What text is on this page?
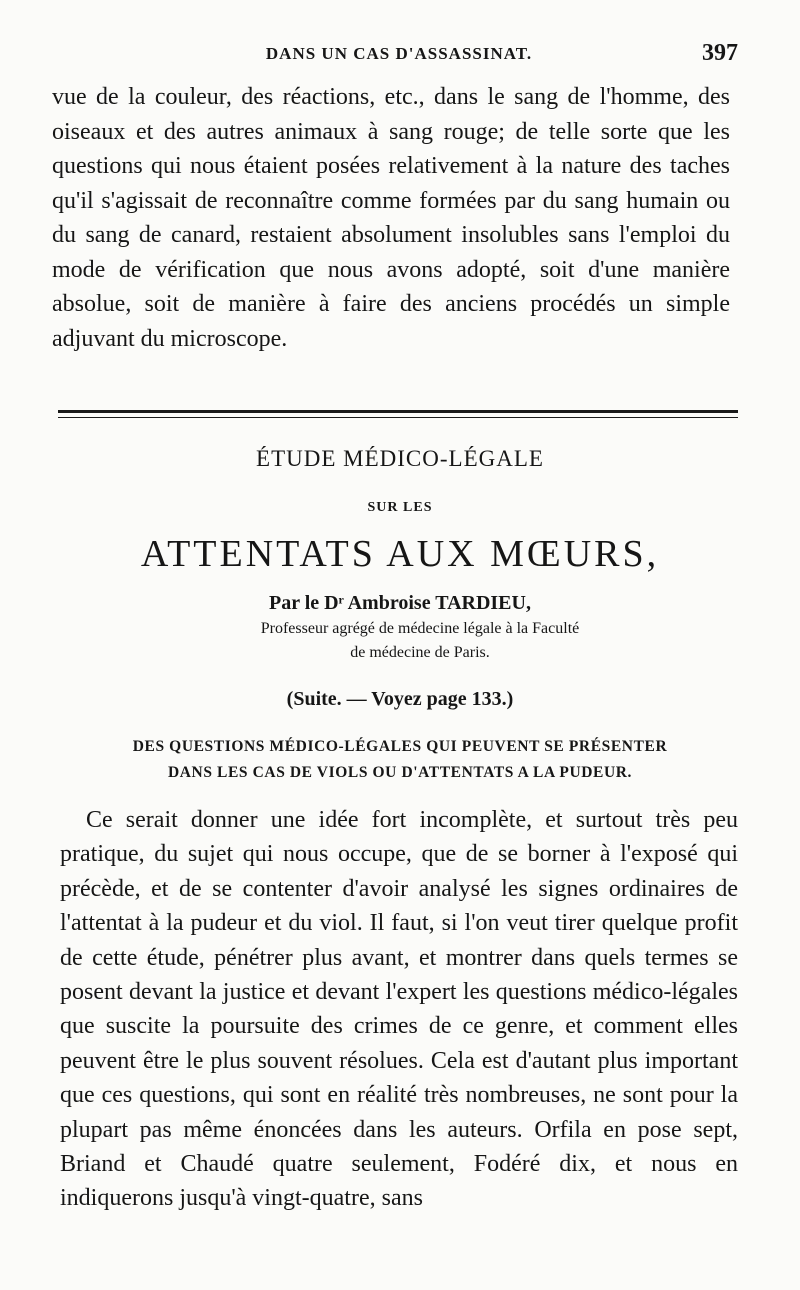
DANS UN CAS D'ASSASSINAT.	397

vue de la couleur, des réactions, etc., dans le sang de l'homme, des oiseaux et des autres animaux à sang rouge; de telle sorte que les questions qui nous étaient posées relativement à la nature des taches qu'il s'agissait de reconnaître comme formées par du sang humain ou du sang de canard, restaient absolument insolubles sans l'emploi du mode de vérification que nous avons adopté, soit d'une manière absolue, soit de manière à faire des anciens procédés un simple adjuvant du microscope.

ÉTUDE MÉDICO-LÉGALE
SUR LES
ATTENTATS AUX MŒURS,
Par le Dʳ Ambroise TARDIEU,
Professeur agrégé de médecine légale à la Faculté
de médecine de Paris.
(Suite. — Voyez page 133.)
DES QUESTIONS MÉDICO-LÉGALES QUI PEUVENT SE PRÉSENTER
DANS LES CAS DE VIOLS OU D'ATTENTATS A LA PUDEUR.

Ce serait donner une idée fort incomplète, et surtout très peu pratique, du sujet qui nous occupe, que de se borner à l'exposé qui précède, et de se contenter d'avoir analysé les signes ordinaires de l'attentat à la pudeur et du viol. Il faut, si l'on veut tirer quelque profit de cette étude, pénétrer plus avant, et montrer dans quels termes se posent devant la justice et devant l'expert les questions médico-légales que suscite la poursuite des crimes de ce genre, et comment elles peuvent être le plus souvent résolues. Cela est d'autant plus important que ces questions, qui sont en réalité très nombreuses, ne sont pour la plupart pas même énoncées dans les auteurs. Orfila en pose sept, Briand et Chaudé quatre seulement, Fodéré dix, et nous en indiquerons jusqu'à vingt-quatre, sans
